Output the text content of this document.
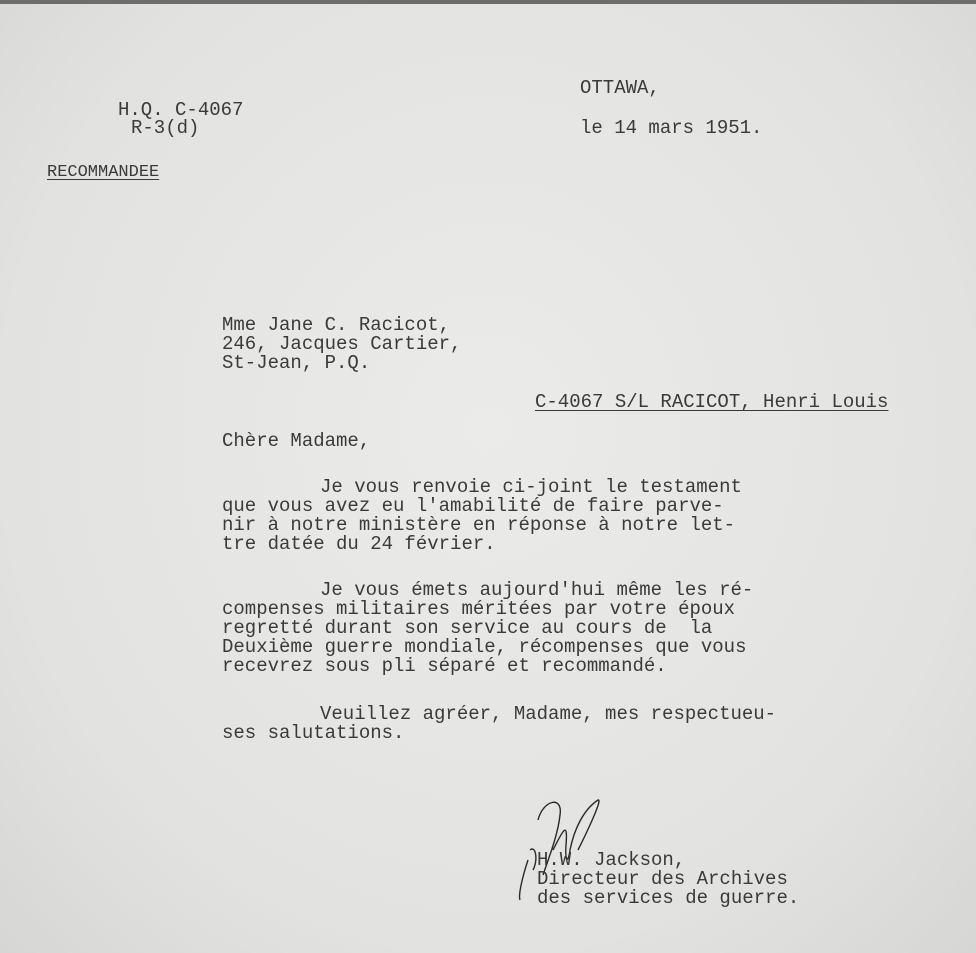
OTTAWA,
le 14 mars 1951.
H.Q. C-4067
R-3(d)
RECOMMANDEE
Mme Jane C. Racicot,
246, Jacques Cartier,
St-Jean, P.Q.
C-4067 S/L RACICOT, Henri Louis
Chère Madame,
Je vous renvoie ci-joint le testament
que vous avez eu l'amabilité de faire parve-
nir à notre ministère en réponse à notre let-
tre datée du 24 février.
Je vous émets aujourd'hui même les ré-
compenses militaires méritées par votre époux
regretté durant son service au cours de  la
Deuxième guerre mondiale, récompenses que vous
recevrez sous pli séparé et recommandé.
Veuillez agréer, Madame, mes respectueu-
ses salutations.
H.W. Jackson,
Directeur des Archives
des services de guerre.
